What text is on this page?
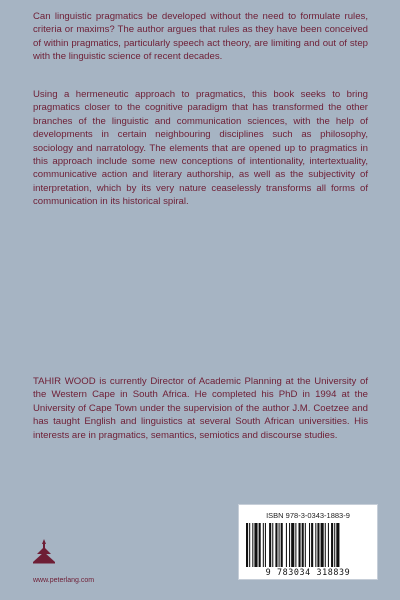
Can linguistic pragmatics be developed without the need to formulate rules, criteria or maxims? The author argues that rules as they have been conceived of within pragmatics, particularly speech act theory, are limiting and out of step with the linguistic science of recent decades.

Using a hermeneutic approach to pragmatics, this book seeks to bring pragmatics closer to the cognitive paradigm that has transformed the other branches of the linguistic and communication sciences, with the help of developments in certain neighbouring disciplines such as philosophy, sociology and narratology. The elements that are opened up to pragmatics in this approach include some new conceptions of intentionality, intertextuality, communicative action and literary authorship, as well as the subjectivity of interpretation, which by its very nature ceaselessly transforms all forms of communication in its historical spiral.

TAHIR WOOD is currently Director of Academic Planning at the University of the Western Cape in South Africa. He completed his PhD in 1994 at the University of Cape Town under the supervision of the author J.M. Coetzee and has taught English and linguistics at several South African universities. His interests are in pragmatics, semantics, semiotics and discourse studies.

www.peterlang.com
ISBN 978-3-0343-1883-9
9 783034 318839
